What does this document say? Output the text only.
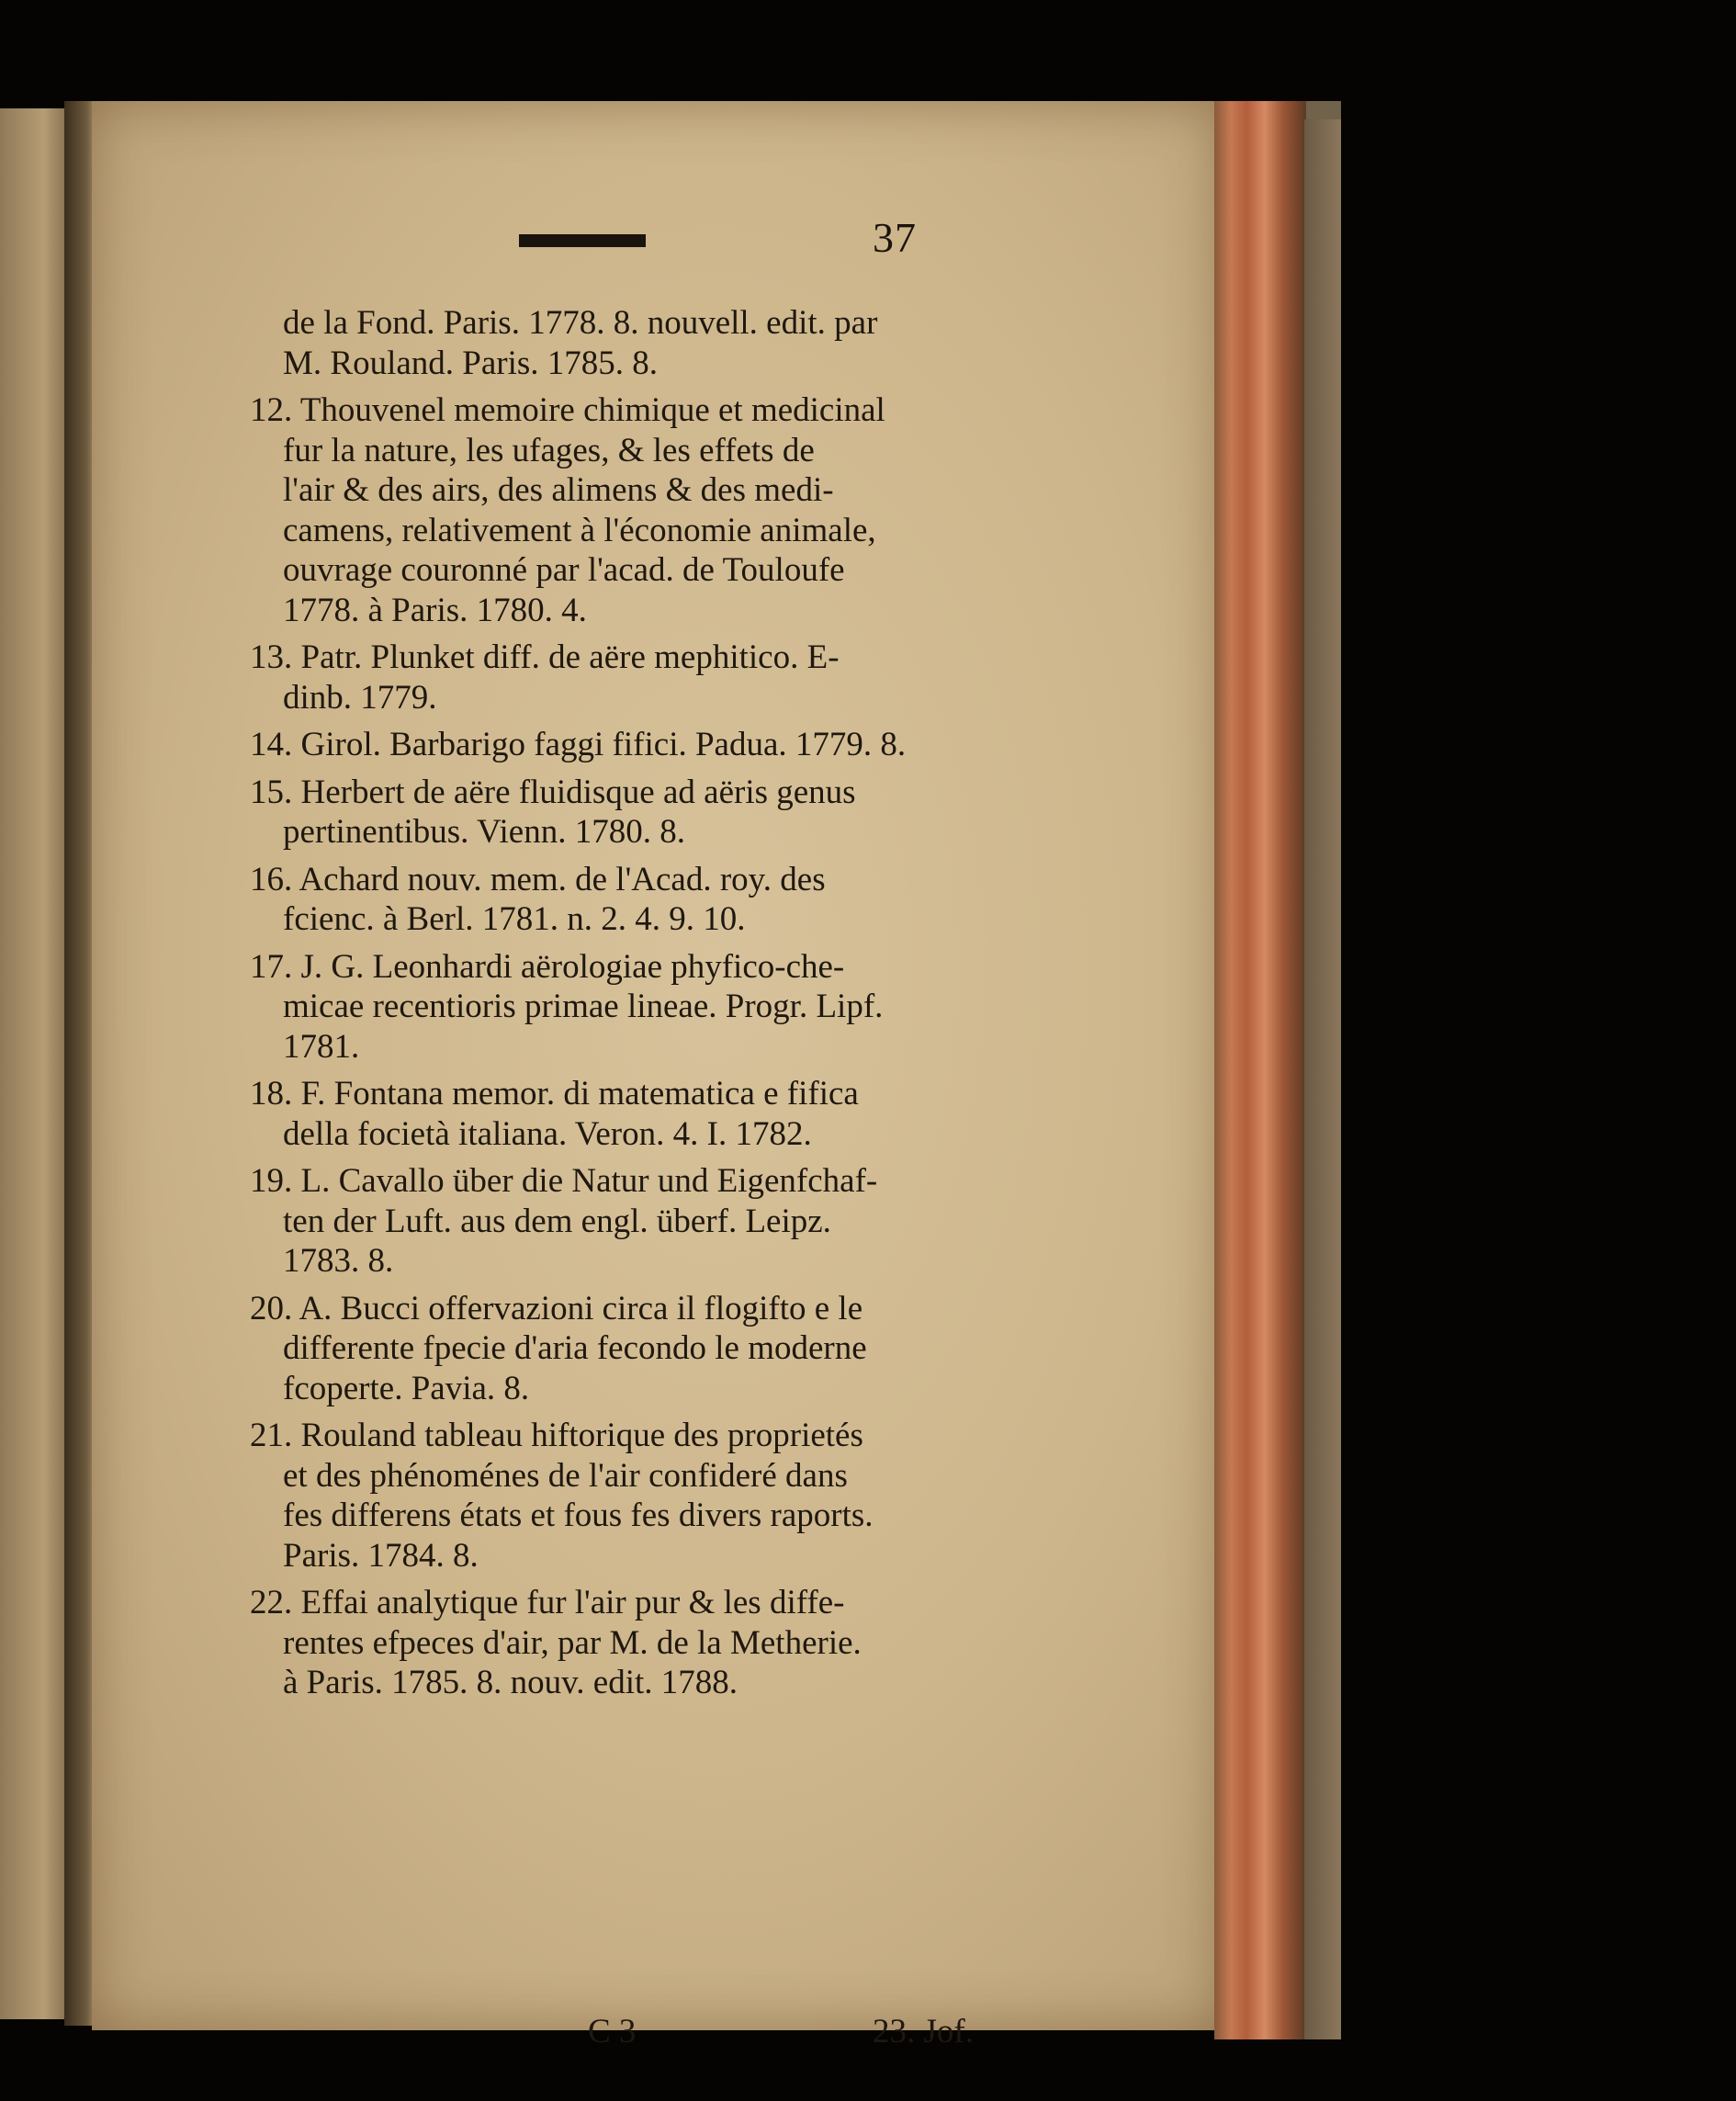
37
de la Fond. Paris. 1778. 8. nouvell. edit. par
M. Rouland. Paris. 1785. 8.
12. Thouvenel memoire chimique et medicinal
fur la nature, les ufages, & les effets de
l'air & des airs, des alimens & des medi-
camens, relativement à l'économie animale,
ouvrage couronné par l'acad. de Touloufe
1778. à Paris. 1780. 4.
13. Patr. Plunket diff. de aëre mephitico. E-
dinb. 1779.
14. Girol. Barbarigo faggi fifici. Padua. 1779. 8.
15. Herbert de aëre fluidisque ad aëris genus
pertinentibus. Vienn. 1780. 8.
16. Achard nouv. mem. de l'Acad. roy. des
fcienc. à Berl. 1781. n. 2. 4. 9. 10.
17. J. G. Leonhardi aërologiae phyfico-che-
micae recentioris primae lineae. Progr. Lipf.
1781.
18. F. Fontana memor. di matematica e fifica
della focietà italiana. Veron. 4. I. 1782.
19. L. Cavallo über die Natur und Eigenfchaf-
ten der Luft. aus dem engl. überf. Leipz.
1783. 8.
20. A. Bucci offervazioni circa il flogifto e le
differente fpecie d'aria fecondo le moderne
fcoperte. Pavia. 8.
21. Rouland tableau hiftorique des proprietés
et des phénoménes de l'air confideré dans
fes differens états et fous fes divers raports.
Paris. 1784. 8.
22. Effai analytique fur l'air pur & les diffe-
rentes efpeces d'air, par M. de la Metherie.
à Paris. 1785. 8. nouv. edit. 1788.
C 3	23. Jof.
